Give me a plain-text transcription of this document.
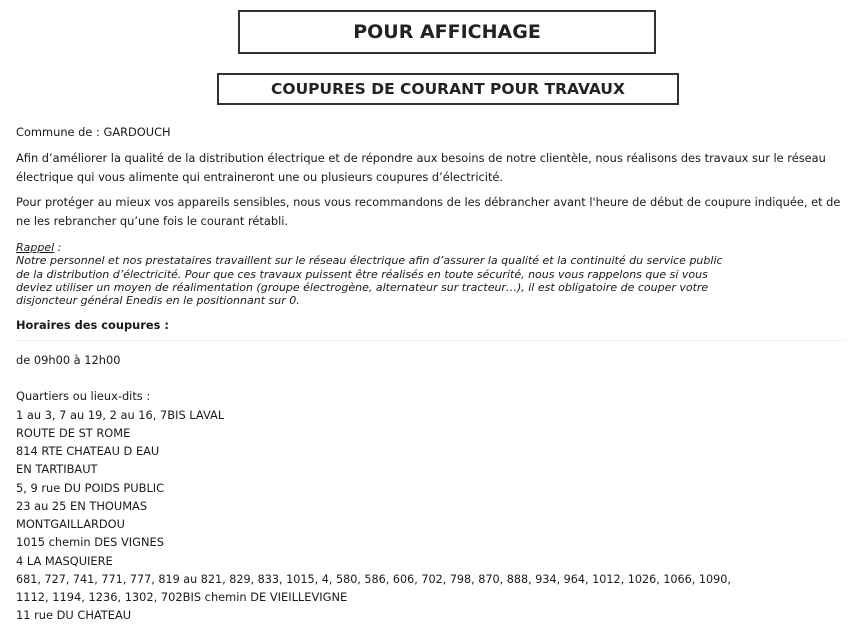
POUR AFFICHAGE
COUPURES DE COURANT POUR TRAVAUX
Commune de : GARDOUCH
Afin d’améliorer la qualité de la distribution électrique et de répondre aux besoins de notre clientèle, nous réalisons des travaux sur le réseau électrique qui vous alimente qui entraineront une ou plusieurs coupures d’électricité.
Pour protéger au mieux vos appareils sensibles, nous vous recommandons de les débrancher avant l'heure de début de coupure indiquée, et de ne les rebrancher qu’une fois le courant rétabli.
Rappel :
Notre personnel et nos prestataires travaillent sur le réseau électrique afin d’assurer la qualité et la continuité du service public
de la distribution d’électricité. Pour que ces travaux puissent être réalisés en toute sécurité, nous vous rappelons que si vous
deviez utiliser un moyen de réalimentation (groupe électrogène, alternateur sur tracteur…), il est obligatoire de couper votre
disjoncteur général Enedis en le positionnant sur 0.
Horaires des coupures :
de 09h00 à 12h00
Quartiers ou lieux-dits :
1 au 3, 7 au 19, 2 au 16, 7BIS LAVAL
ROUTE DE ST ROME
814 RTE CHATEAU D EAU
EN TARTIBAUT
5, 9 rue DU POIDS PUBLIC
23 au 25 EN THOUMAS
MONTGAILLARDOU
1015 chemin DES VIGNES
4 LA MASQUIERE
681, 727, 741, 771, 777, 819 au 821, 829, 833, 1015, 4, 580, 586, 606, 702, 798, 870, 888, 934, 964, 1012, 1026, 1066, 1090,
1112, 1194, 1236, 1302, 702BIS chemin DE VIEILLEVIGNE
11 rue DU CHATEAU
